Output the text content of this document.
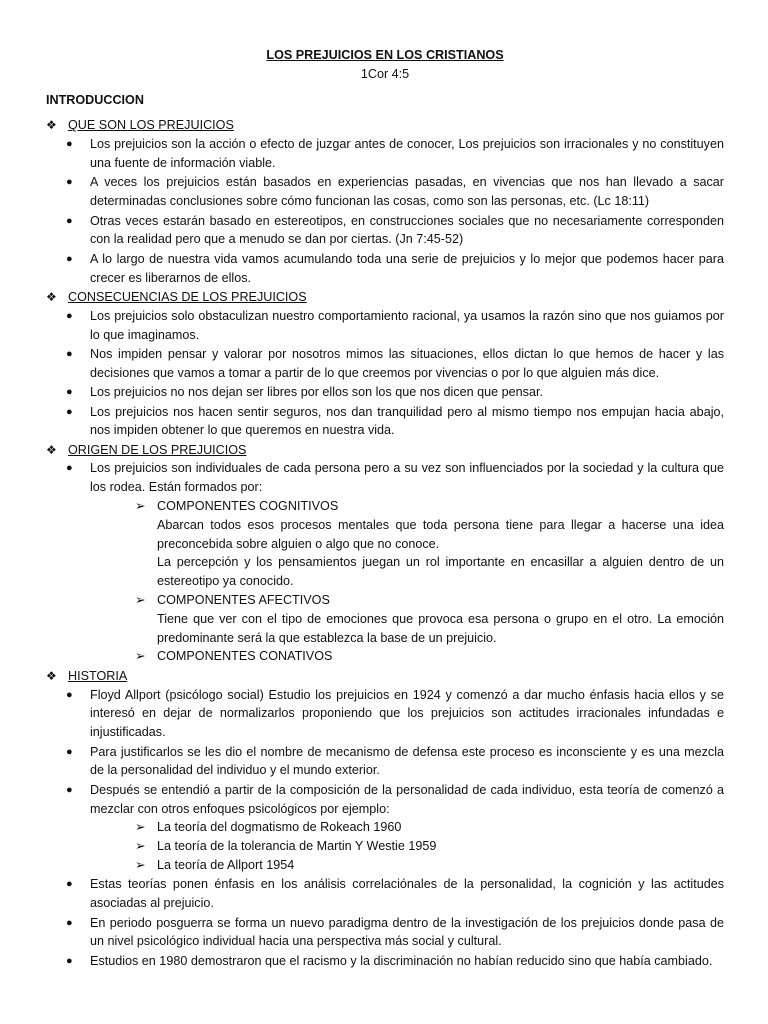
LOS PREJUICIOS EN LOS CRISTIANOS

1Cor 4:5

INTRODUCCION

❖ QUE SON LOS PREJUICIOS
●	Los prejuicios son la acción o efecto de juzgar antes de conocer, Los prejuicios son irracionales y no constituyen una fuente de información viable.
●	A veces los prejuicios están basados en experiencias pasadas, en vivencias que nos han llevado a sacar determinadas conclusiones sobre cómo funcionan las cosas, como son las personas, etc. (Lc 18:11)
●	Otras veces estarán basado en estereotipos, en construcciones sociales que no necesariamente corresponden con la realidad pero que a menudo se dan por ciertas. (Jn 7:45-52)
●	A lo largo de nuestra vida vamos acumulando toda una serie de prejuicios y lo mejor que podemos hacer para crecer es liberarnos de ellos.
❖ CONSECUENCIAS DE LOS PREJUICIOS
●	Los prejuicios solo obstaculizan nuestro comportamiento racional, ya usamos la razón sino que nos guiamos por lo que imaginamos.
●	Nos impiden pensar y valorar por nosotros mimos las situaciones, ellos dictan lo que hemos de hacer y las decisiones que vamos a tomar a partir de lo que creemos por vivencias o por lo que alguien más dice.
●	Los prejuicios no nos dejan ser libres por ellos son los que nos dicen que pensar.
●	Los prejuicios nos hacen sentir seguros, nos dan tranquilidad pero al mismo tiempo nos empujan hacia abajo, nos impiden obtener lo que queremos en nuestra vida.
❖ ORIGEN DE LOS PREJUICIOS
●	Los prejuicios son individuales de cada persona pero a su vez son influenciados por la sociedad y la cultura que los rodea. Están formados por:
➢ COMPONENTES COGNITIVOS
Abarcan todos esos procesos mentales que toda persona tiene para llegar a hacerse una idea preconcebida sobre alguien o algo que no conoce.
La percepción y los pensamientos juegan un rol importante en encasillar a alguien dentro de un estereotipo ya conocido.
➢ COMPONENTES AFECTIVOS
Tiene que ver con el tipo de emociones que provoca esa persona o grupo en el otro. La emoción predominante será la que establezca la base de un prejuicio.
➢ COMPONENTES CONATIVOS
❖ HISTORIA
●	Floyd Allport (psicólogo social) Estudio los prejuicios en 1924 y comenzó a dar mucho énfasis hacia ellos y se interesó en dejar de normalizarlos proponiendo que los prejuicios son actitudes irracionales infundadas e injustificadas.
●	Para justificarlos se les dio el nombre de mecanismo de defensa este proceso es inconsciente y es una mezcla de la personalidad del individuo y el mundo exterior.
●	Después se entendió a partir de la composición de la personalidad de cada individuo, esta teoría de comenzó a mezclar con otros enfoques psicológicos por ejemplo:
➢ La teoría del dogmatismo de Rokeach 1960
➢ La teoría de la tolerancia de Martin Y Westie 1959
➢ La teoría de Allport 1954
●	Estas teorías ponen énfasis en los análisis correlaciónales de la personalidad, la cognición y las actitudes asociadas al prejuicio.
●	En periodo posguerra se forma un nuevo paradigma dentro de la investigación de los prejuicios donde pasa de un nivel psicológico individual hacia una perspectiva más social y cultural.
●	Estudios en 1980 demostraron que el racismo y la discriminación no habían reducido sino que había cambiado.
